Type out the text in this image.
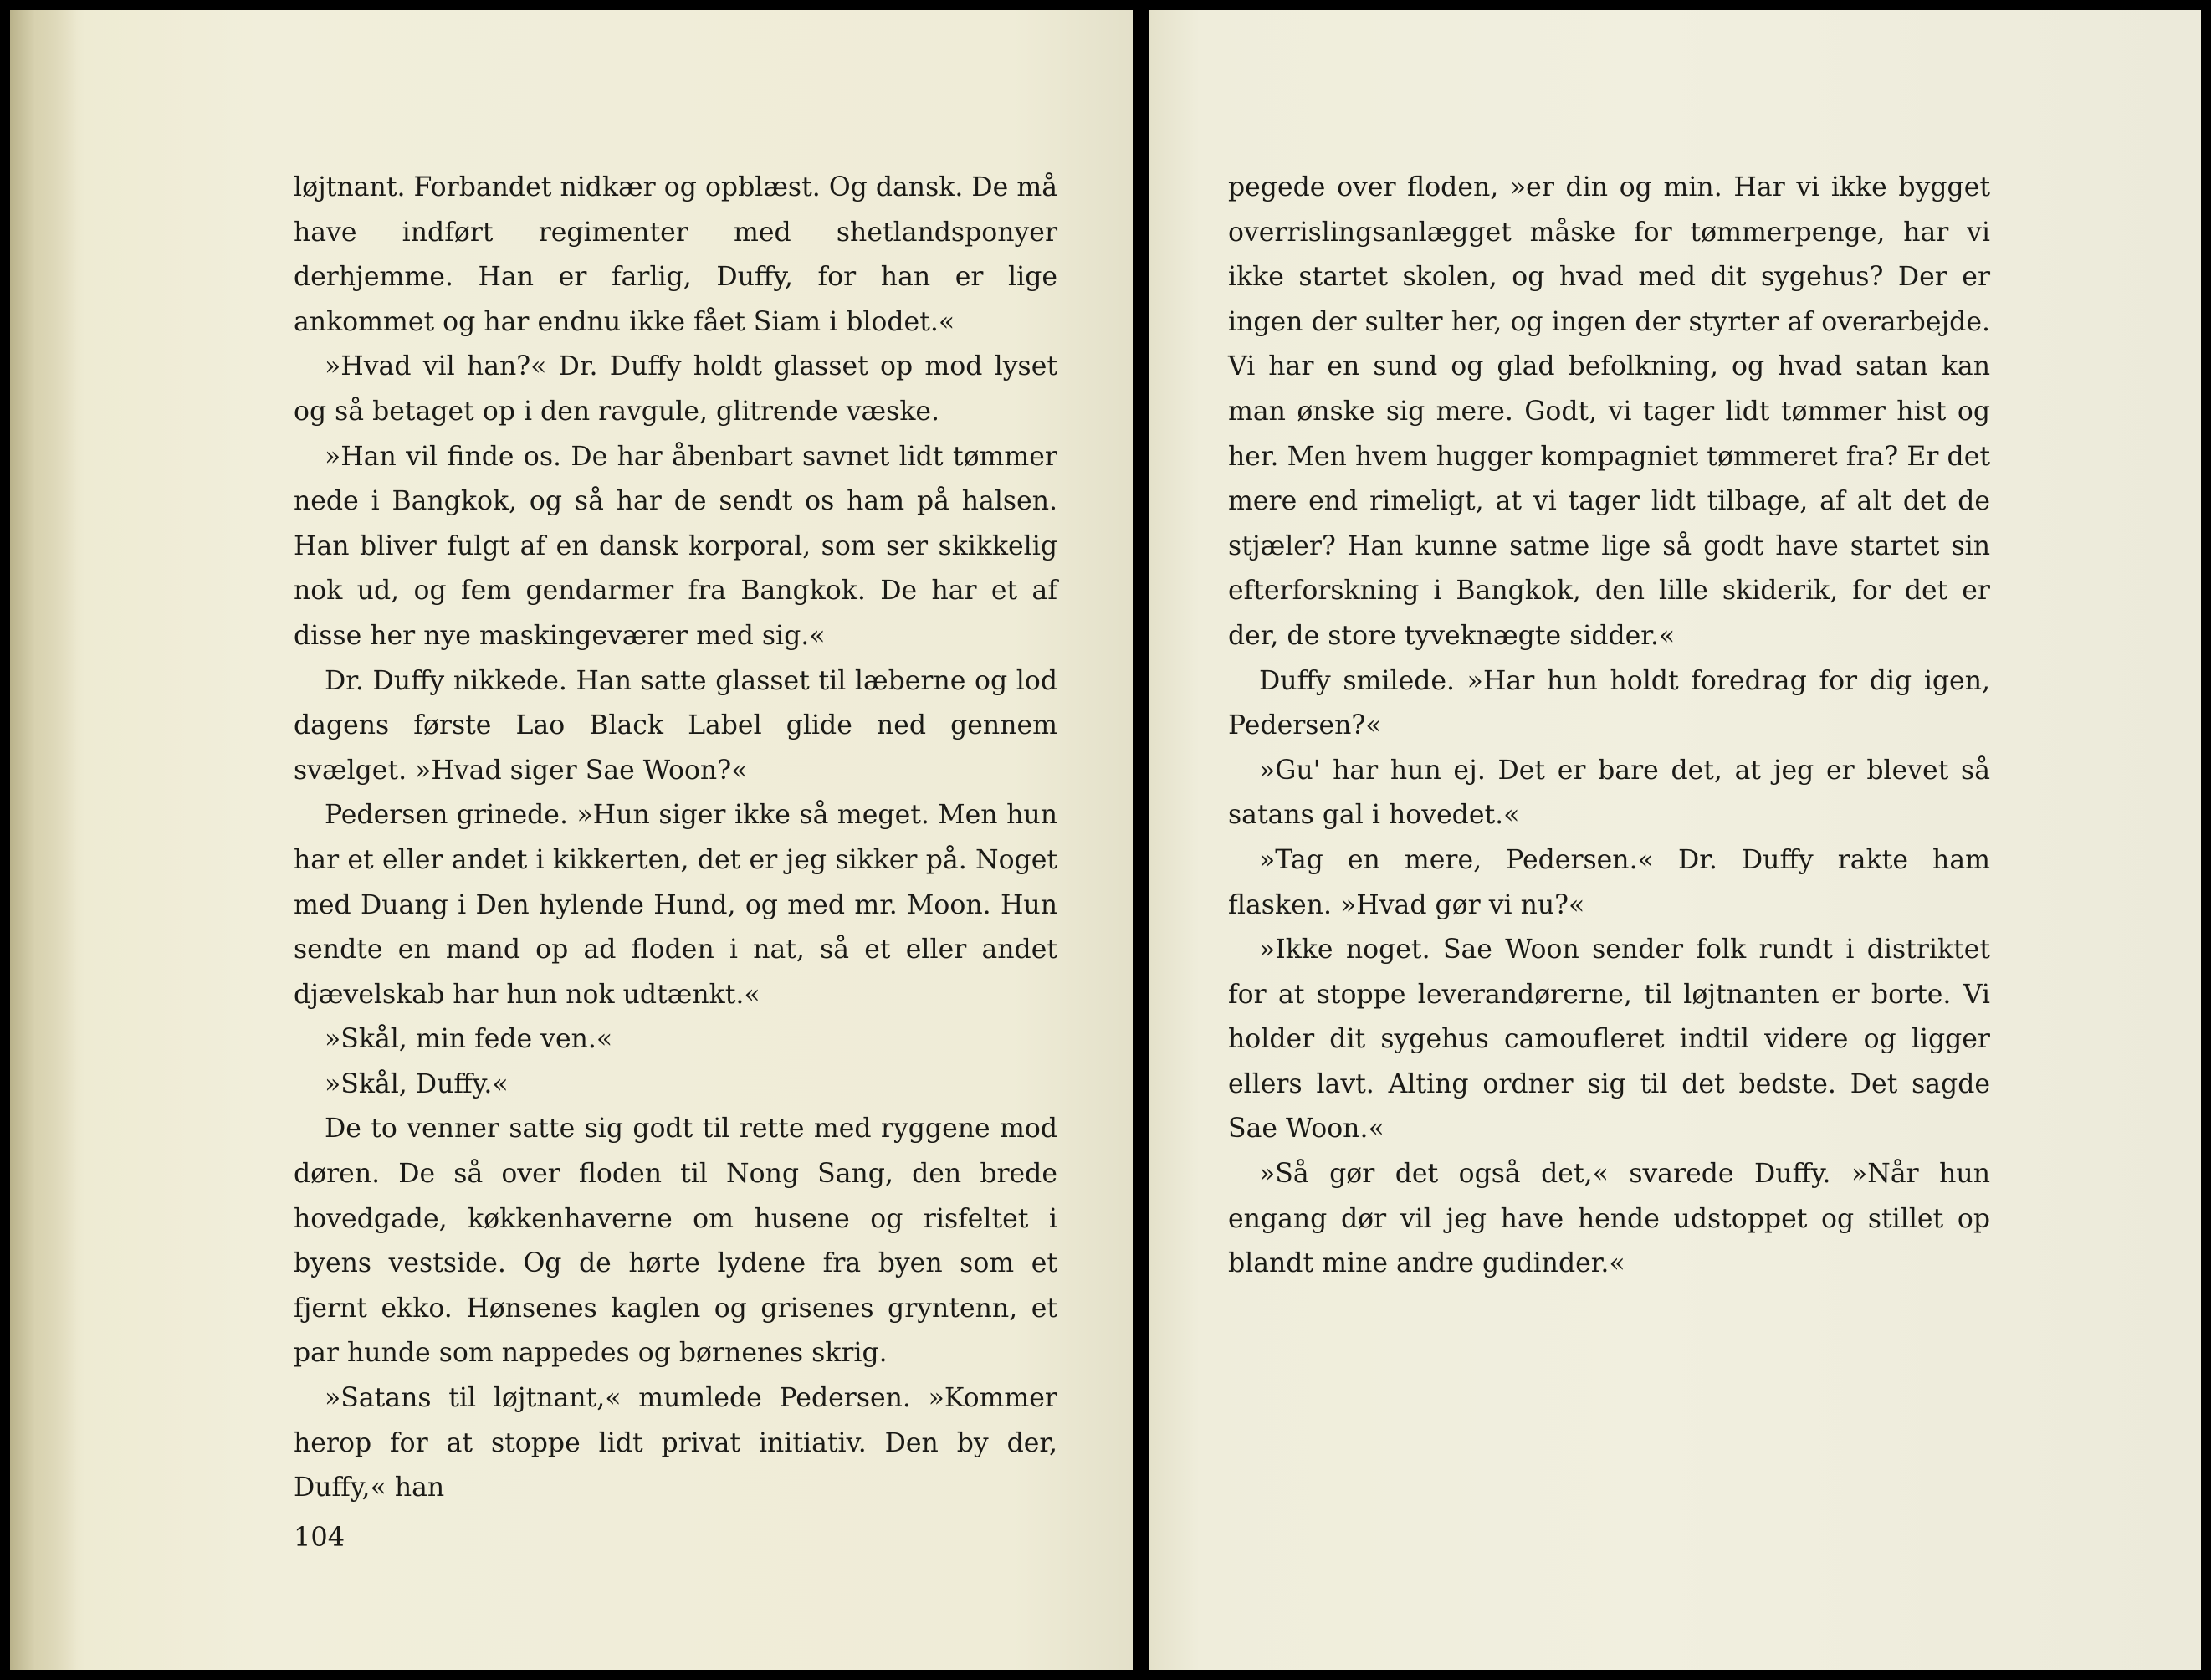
løjtnant. Forbandet nidkær og opblæst. Og dansk. De må have indført regimenter med shetlandsponyer derhjemme. Han er farlig, Duffy, for han er lige ankommet og har endnu ikke fået Siam i blodet.«

»Hvad vil han?« Dr. Duffy holdt glasset op mod lyset og så betaget op i den ravgule, glitrende væske.

»Han vil finde os. De har åbenbart savnet lidt tømmer nede i Bangkok, og så har de sendt os ham på halsen. Han bliver fulgt af en dansk korporal, som ser skikkelig nok ud, og fem gendarmer fra Bangkok. De har et af disse her nye maskingeværer med sig.«

Dr. Duffy nikkede. Han satte glasset til læberne og lod dagens første Lao Black Label glide ned gennem svælget. »Hvad siger Sae Woon?«

Pedersen grinede. »Hun siger ikke så meget. Men hun har et eller andet i kikkerten, det er jeg sikker på. Noget med Duang i Den hylende Hund, og med mr. Moon. Hun sendte en mand op ad floden i nat, så et eller andet djævelskab har hun nok udtænkt.«

»Skål, min fede ven.«

»Skål, Duffy.«

De to venner satte sig godt til rette med ryggene mod døren. De så over floden til Nong Sang, den brede hovedgade, køkkenhaverne om husene og risfeltet i byens vestside. Og de hørte lydene fra byen som et fjernt ekko. Hønsenes kaglen og grisenes gryntenn, et par hunde som nappedes og børnenes skrig.

»Satans til løjtnant,« mumlede Pedersen. »Kommer herop for at stoppe lidt privat initiativ. Den by der, Duffy,« han

104

pegede over floden, »er din og min. Har vi ikke bygget overrislingsanlægget måske for tømmerpenge, har vi ikke startet skolen, og hvad med dit sygehus? Der er ingen der sulter her, og ingen der styrter af overarbejde. Vi har en sund og glad befolkning, og hvad satan kan man ønske sig mere. Godt, vi tager lidt tømmer hist og her. Men hvem hugger kompagniet tømmeret fra? Er det mere end rimeligt, at vi tager lidt tilbage, af alt det de stjæler? Han kunne satme lige så godt have startet sin efterforskning i Bangkok, den lille skiderik, for det er der, de store tyveknægte sidder.«

Duffy smilede. »Har hun holdt foredrag for dig igen, Pedersen?«

»Gu' har hun ej. Det er bare det, at jeg er blevet så satans gal i hovedet.«

»Tag en mere, Pedersen.« Dr. Duffy rakte ham flasken. »Hvad gør vi nu?«

»Ikke noget. Sae Woon sender folk rundt i distriktet for at stoppe leverandørerne, til løjtnanten er borte. Vi holder dit sygehus camoufleret indtil videre og ligger ellers lavt. Alting ordner sig til det bedste. Det sagde Sae Woon.«

»Så gør det også det,« svarede Duffy. »Når hun engang dør vil jeg have hende udstoppet og stillet op blandt mine andre gudinder.«
